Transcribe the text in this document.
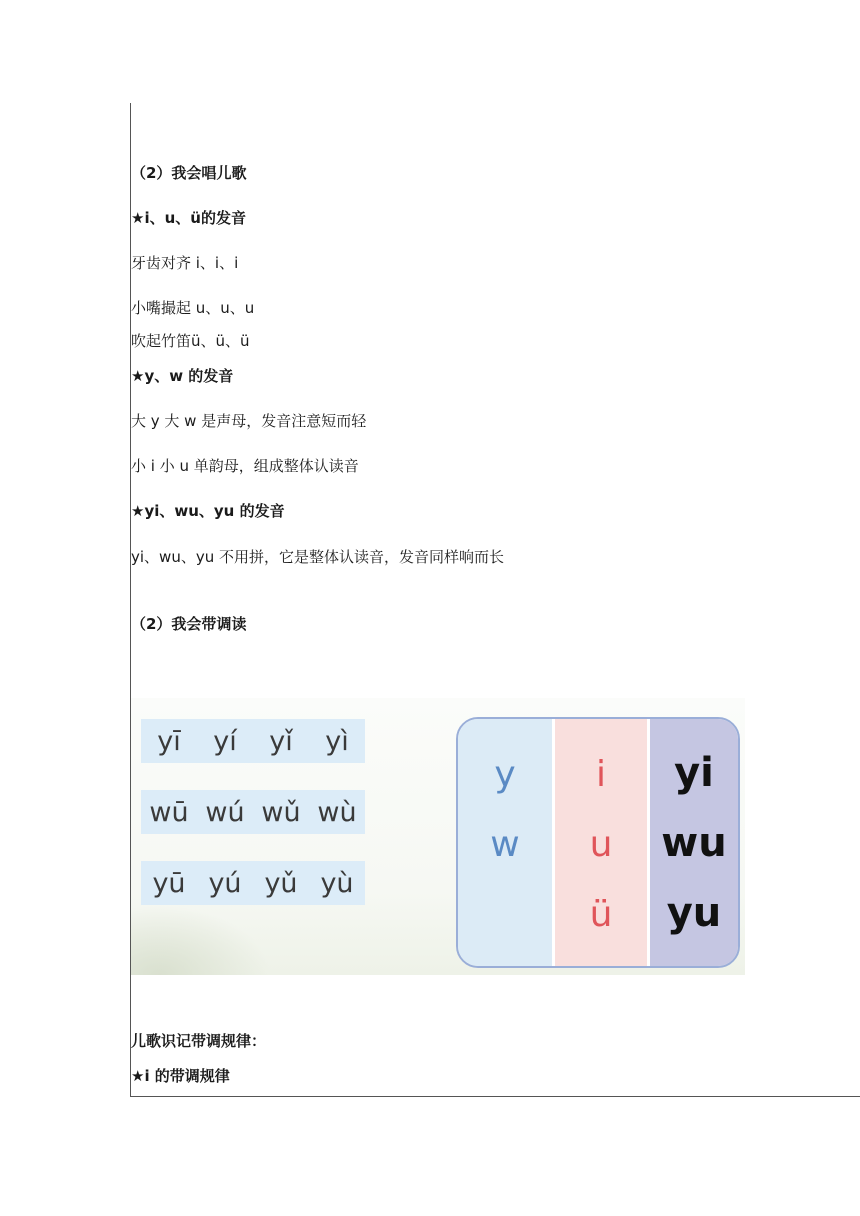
（2）我会唱儿歌
★i、u、ü的发音
牙齿对齐 i、i、i
小嘴撮起 u、u、u
吹起竹笛ü、ü、ü
★y、w 的发音
大 y 大 w 是声母，发音注意短而轻
小 i 小 u 单韵母，组成整体认读音
★yi、wu、yu 的发音
yi、wu、yu 不用拼，它是整体认读音，发音同样响而长
（2）我会带调读
yī yí yǐ yì
wū wú wǔ wù
yū yú yǔ yù
y
w
i
u
ü
yi
wu
yu
儿歌识记带调规律：
★i 的带调规律
